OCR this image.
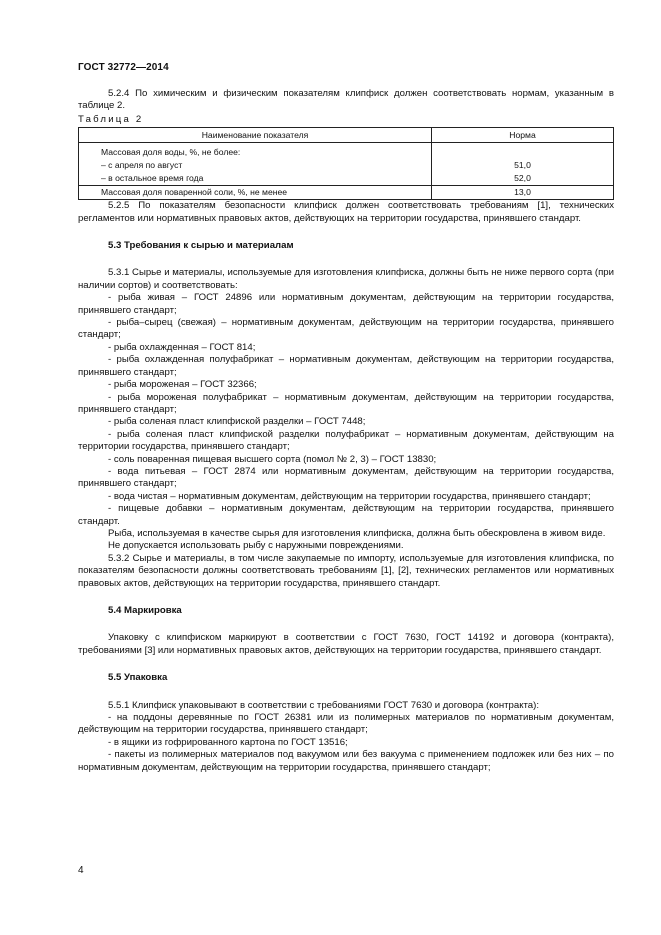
ГОСТ 32772—2014

5.2.4 По химическим и физическим показателям клипфиск должен соответствовать нормам, указанным в таблице 2.

Таблица 2

Наименование показателя	Норма
Массовая доля воды, %, не более:	
– с апреля по август	51,0
– в остальное время года	52,0
Массовая доля поваренной соли, %, не менее	13,0

5.2.5 По показателям безопасности клипфиск должен соответствовать требованиям [1], технических регламентов или нормативных правовых актов, действующих на территории государства, принявшего стандарт.

5.3 Требования к сырью и материалам

5.3.1 Сырье и материалы, используемые для изготовления клипфиска, должны быть не ниже первого сорта (при наличии сортов) и соответствовать:

- рыба живая – ГОСТ 24896 или нормативным документам, действующим на территории государства, принявшего стандарт;

- рыба–сырец (свежая) – нормативным документам, действующим на территории государства, принявшего стандарт;

- рыба охлажденная – ГОСТ 814;

- рыба охлажденная полуфабрикат – нормативным документам, действующим на территории государства, принявшего стандарт;

- рыба мороженая – ГОСТ 32366;

- рыба мороженая полуфабрикат – нормативным документам, действующим на территории государства, принявшего стандарт;

- рыба соленая пласт клипфиской разделки – ГОСТ 7448;

- рыба соленая пласт клипфиской разделки полуфабрикат – нормативным документам, действующим на территории государства, принявшего стандарт;

- соль поваренная пищевая высшего сорта (помол № 2, 3) – ГОСТ 13830;

- вода питьевая – ГОСТ 2874 или нормативным документам, действующим на территории государства, принявшего стандарт;

- вода чистая – нормативным документам, действующим на территории государства, принявшего стандарт;

- пищевые добавки – нормативным документам, действующим на территории государства, принявшего стандарт.

Рыба, используемая в качестве сырья для изготовления клипфиска, должна быть обескровлена в живом виде.

Не допускается использовать рыбу с наружными повреждениями.

5.3.2 Сырье и материалы, в том числе закупаемые по импорту, используемые для изготовления клипфиска, по показателям безопасности должны соответствовать требованиям [1], [2], технических регламентов или нормативных правовых актов, действующих на территории государства, принявшего стандарт.

5.4 Маркировка

Упаковку с клипфиском маркируют в соответствии с ГОСТ 7630, ГОСТ 14192 и договора (контракта), требованиями [3] или нормативных правовых актов, действующих на территории государства, принявшего стандарт.

5.5 Упаковка

5.5.1 Клипфиск упаковывают в соответствии с требованиями ГОСТ 7630 и договора (контракта):

- на поддоны деревянные по ГОСТ 26381 или из полимерных материалов по нормативным документам, действующим на территории государства, принявшего стандарт;

- в ящики из гофрированного картона по ГОСТ 13516;

- пакеты из полимерных материалов под вакуумом или без вакуума с применением подложек или без них – по нормативным документам, действующим на территории государства, принявшего стандарт;

4
